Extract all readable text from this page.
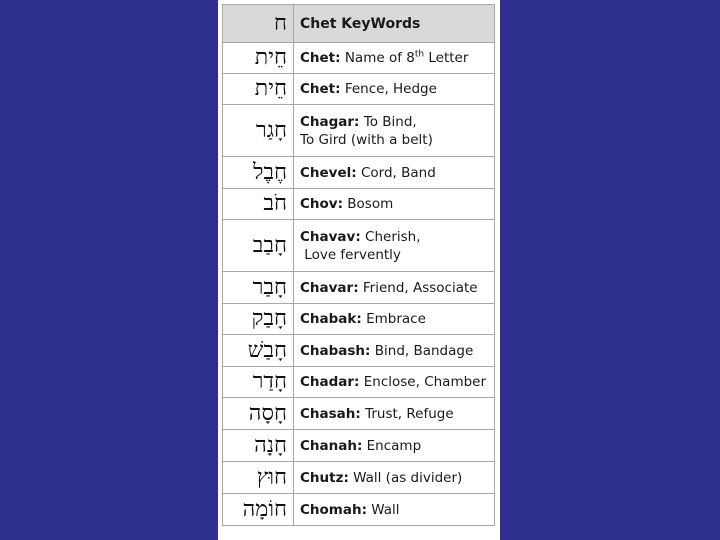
ח	Chet KeyWords
חֵית	Chet: Name of 8th Letter
חֵית	Chet: Fence, Hedge
חָגַר	Chagar: To Bind,
To Gird (with a belt)

חֶבֶל	Chevel: Cord, Band
חֹב	Chov: Bosom
חָבַב	Chavav: Cherish,
Love fervently

חָבַר	Chavar: Friend, Associate
חָבַק	Chabak: Embrace
חָבַשׁ	Chabash: Bind, Bandage
חָדַר	Chadar: Enclose, Chamber
חָסָה	Chasah: Trust, Refuge
חָנָה	Chanah: Encamp
חוּץ	Chutz: Wall (as divider)
חוֹמָה	Chomah: Wall
